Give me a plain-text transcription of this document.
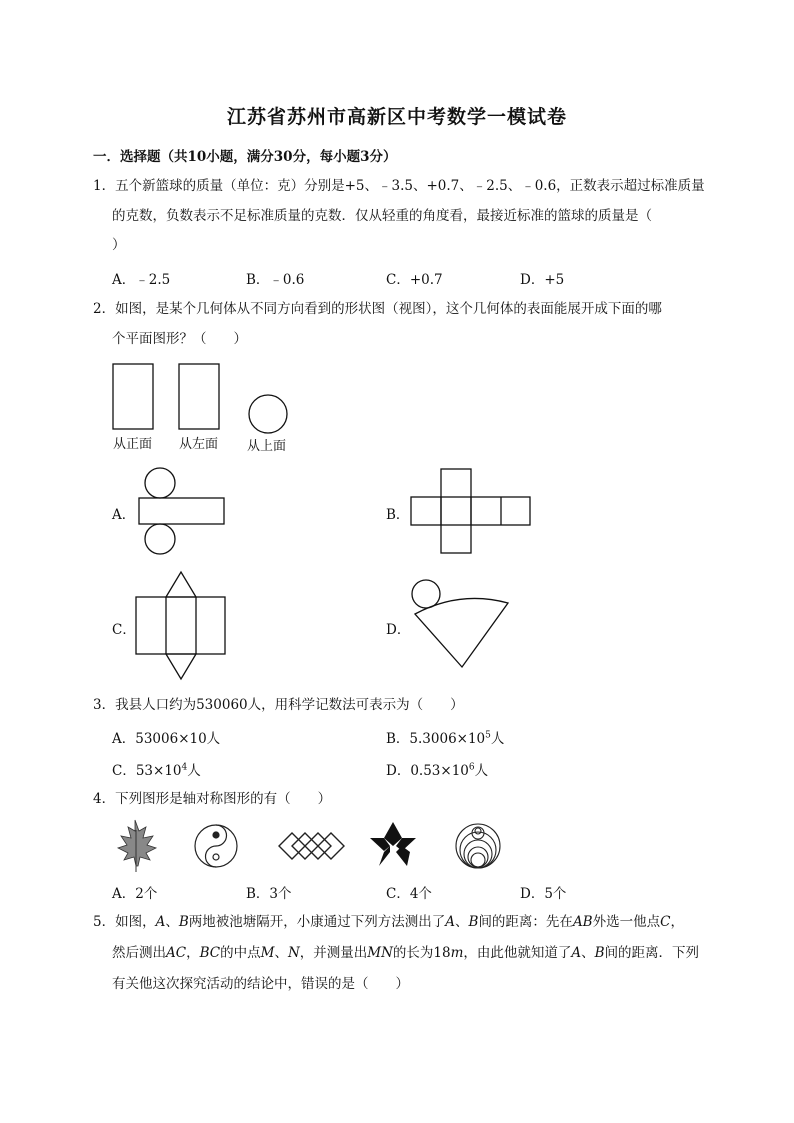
江苏省苏州市高新区中考数学一模试卷
一．选择题（共10小题，满分30分，每小题3分）
1．五个新篮球的质量（单位：克）分别是+5、﹣3.5、+0.7、﹣2.5、﹣0.6，正数表示超过标准质量
的克数，负数表示不足标准质量的克数．仅从轻重的角度看，最接近标准的篮球的质量是（
）
A．﹣2.5	B．﹣0.6	C．+0.7	D．+5
2．如图，是某个几何体从不同方向看到的形状图（视图），这个几何体的表面能展开成下面的哪
个平面图形？（　　）
从正面 从左面 从上面
A．	B．
C．	D．
3．我县人口约为530060人，用科学记数法可表示为（　　）
A．53006×10人	B．$5.3006\times 10^5$人
C．$53\times 10^4$人	D．$0.53\times 10^6$人
4．下列图形是轴对称图形的有（　　）
A．2个	B．3个	C．4个	D．5个
5．如图，A、B两地被池塘隔开，小康通过下列方法测出了A、B间的距离：先在AB外选一他点C，
然后测出AC，BC的中点M、N，并测量出MN的长为18m，由此他就知道了A、B间的距离．下列
有关他这次探究活动的结论中，错误的是（　　）
